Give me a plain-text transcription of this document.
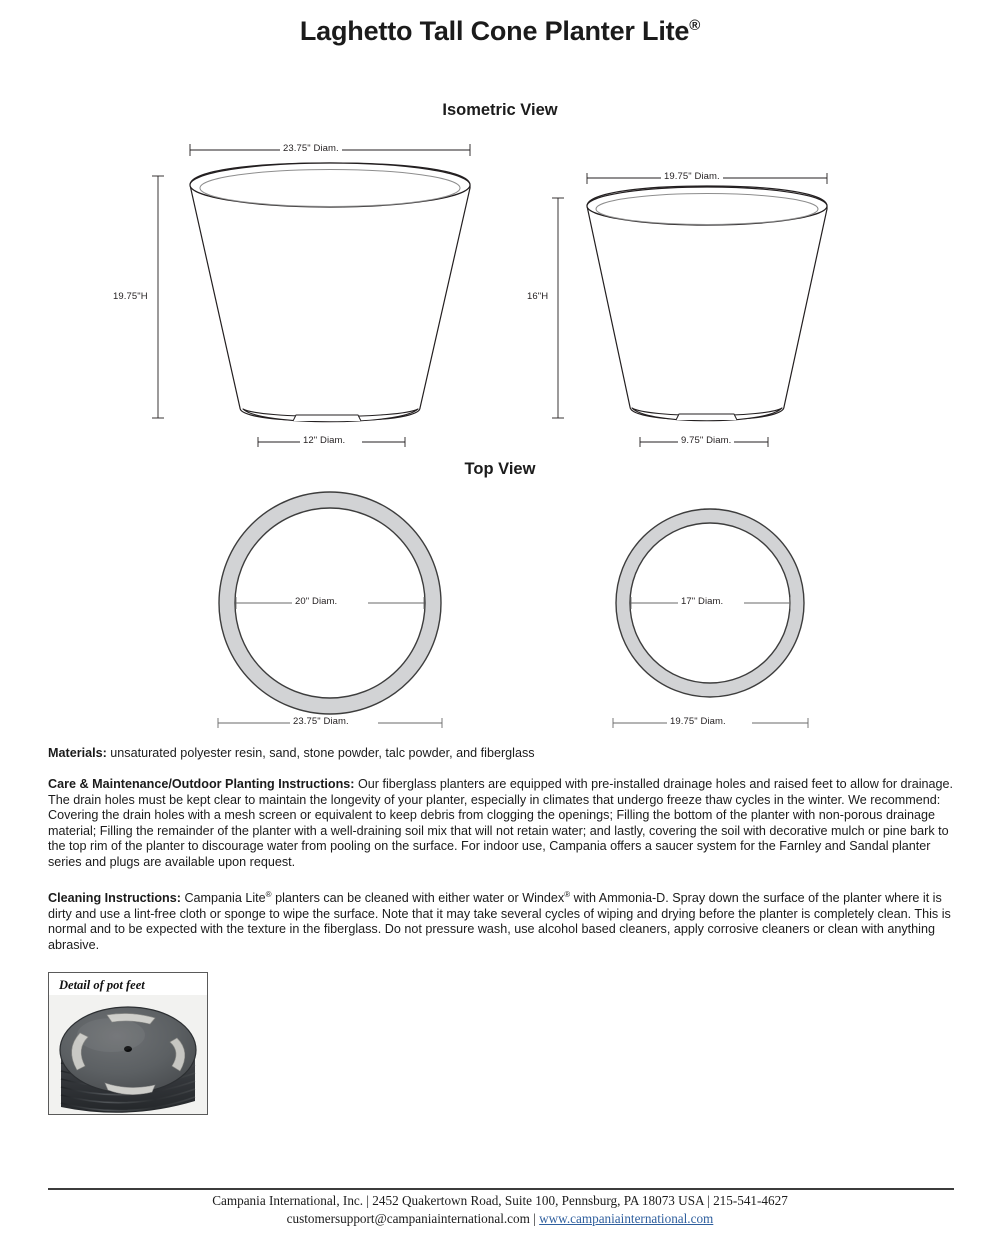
Laghetto Tall Cone Planter Lite®
Isometric View
23.75" Diam.
19.75"H
12" Diam.
19.75" Diam.
16"H
9.75" Diam.
Top View
20" Diam.
23.75" Diam.
17" Diam.
19.75" Diam.
Materials: unsaturated polyester resin, sand, stone powder, talc powder, and fiberglass
Care & Maintenance/Outdoor Planting Instructions: Our fiberglass planters are equipped with pre-installed drainage holes and raised feet to allow for drainage. The drain holes must be kept clear to maintain the longevity of your planter, especially in climates that undergo freeze thaw cycles in the winter. We recommend: Covering the drain holes with a mesh screen or equivalent to keep debris from clogging the openings; Filling the bottom of the planter with non-porous drainage material; Filling the remainder of the planter with a well-draining soil mix that will not retain water; and lastly, covering the soil with decorative mulch or pine bark to the top rim of the planter to discourage water from pooling on the surface. For indoor use, Campania offers a saucer system for the Farnley and Sandal planter series and plugs are available upon request.
Cleaning Instructions: Campania Lite® planters can be cleaned with either water or Windex® with Ammonia-D. Spray down the surface of the planter where it is dirty and use a lint-free cloth or sponge to wipe the surface. Note that it may take several cycles of wiping and drying before the planter is completely clean. This is normal and to be expected with the texture in the fiberglass. Do not pressure wash, use alcohol based cleaners, apply corrosive cleaners or clean with anything abrasive.
Detail of pot feet
Campania International, Inc. | 2452 Quakertown Road, Suite 100, Pennsburg, PA 18073 USA | 215-541-4627
customersupport@campaniainternational.com | www.campaniainternational.com
